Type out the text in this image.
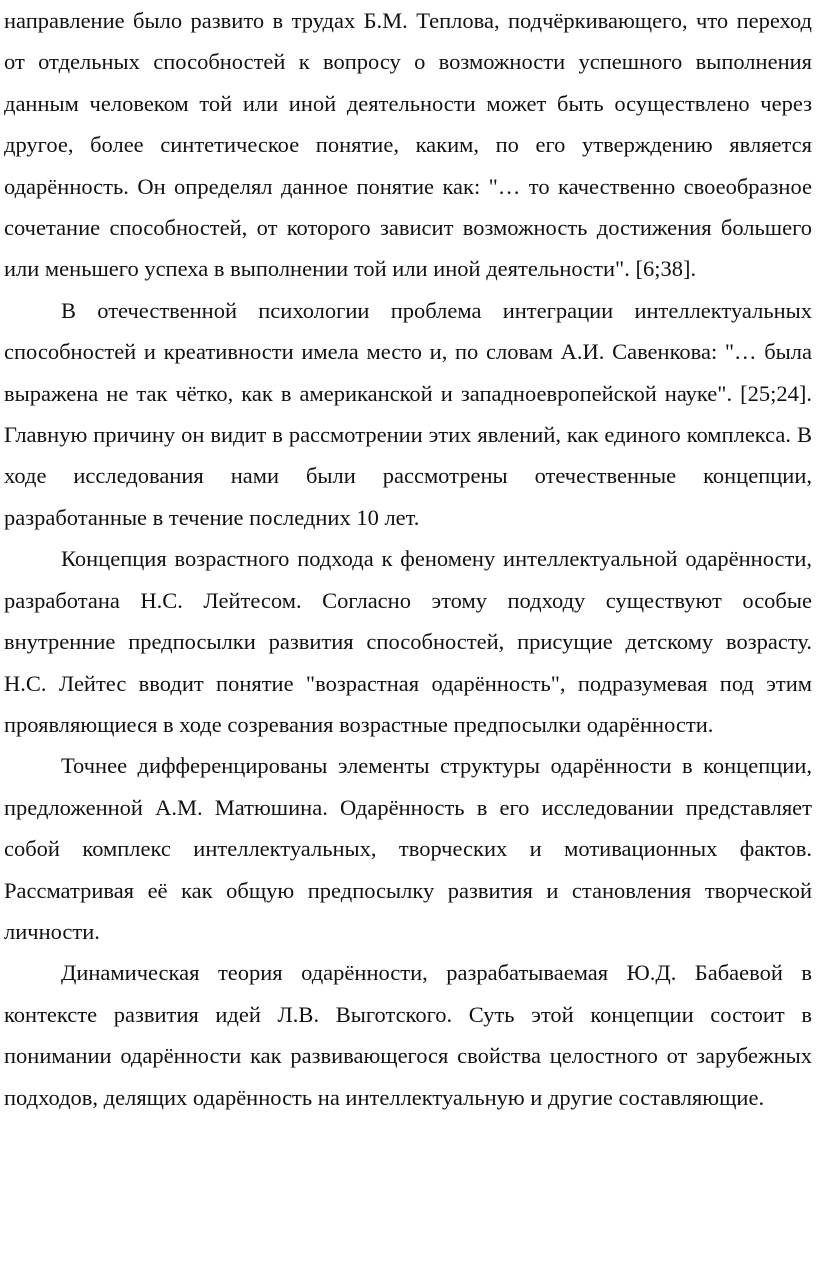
направление было развито в трудах Б.М. Теплова, подчёркивающего, что переход от отдельных способностей к вопросу о возможности успешного выполнения данным человеком той или иной деятельности может быть осуществлено через другое, более синтетическое понятие, каким, по его утверждению является одарённость. Он определял данное понятие как: "… то качественно своеобразное сочетание способностей, от которого зависит возможность достижения большего или меньшего успеха в выполнении той или иной деятельности". [6;38].

В отечественной психологии проблема интеграции интеллектуальных способностей и креативности имела место и, по словам А.И. Савенкова: "… была выражена не так чётко, как в американской и западноевропейской науке". [25;24]. Главную причину он видит в рассмотрении этих явлений, как единого комплекса. В ходе исследования нами были рассмотрены отечественные концепции, разработанные в течение последних 10 лет.

Концепция возрастного подхода к феномену интеллектуальной одарённости, разработана Н.С. Лейтесом. Согласно этому подходу существуют особые внутренние предпосылки развития способностей, присущие детскому возрасту. Н.С. Лейтес вводит понятие "возрастная одарённость", подразумевая под этим проявляющиеся в ходе созревания возрастные предпосылки одарённости.

Точнее дифференцированы элементы структуры одарённости в концепции, предложенной А.М. Матюшина. Одарённость в его исследовании представляет собой комплекс интеллектуальных, творческих и мотивационных фактов. Рассматривая её как общую предпосылку развития и становления творческой личности.

Динамическая теория одарённости, разрабатываемая Ю.Д. Бабаевой в контексте развития идей Л.В. Выготского. Суть этой концепции состоит в понимании одарённости как развивающегося свойства целостного от зарубежных подходов, делящих одарённость на интеллектуальную и другие составляющие.
